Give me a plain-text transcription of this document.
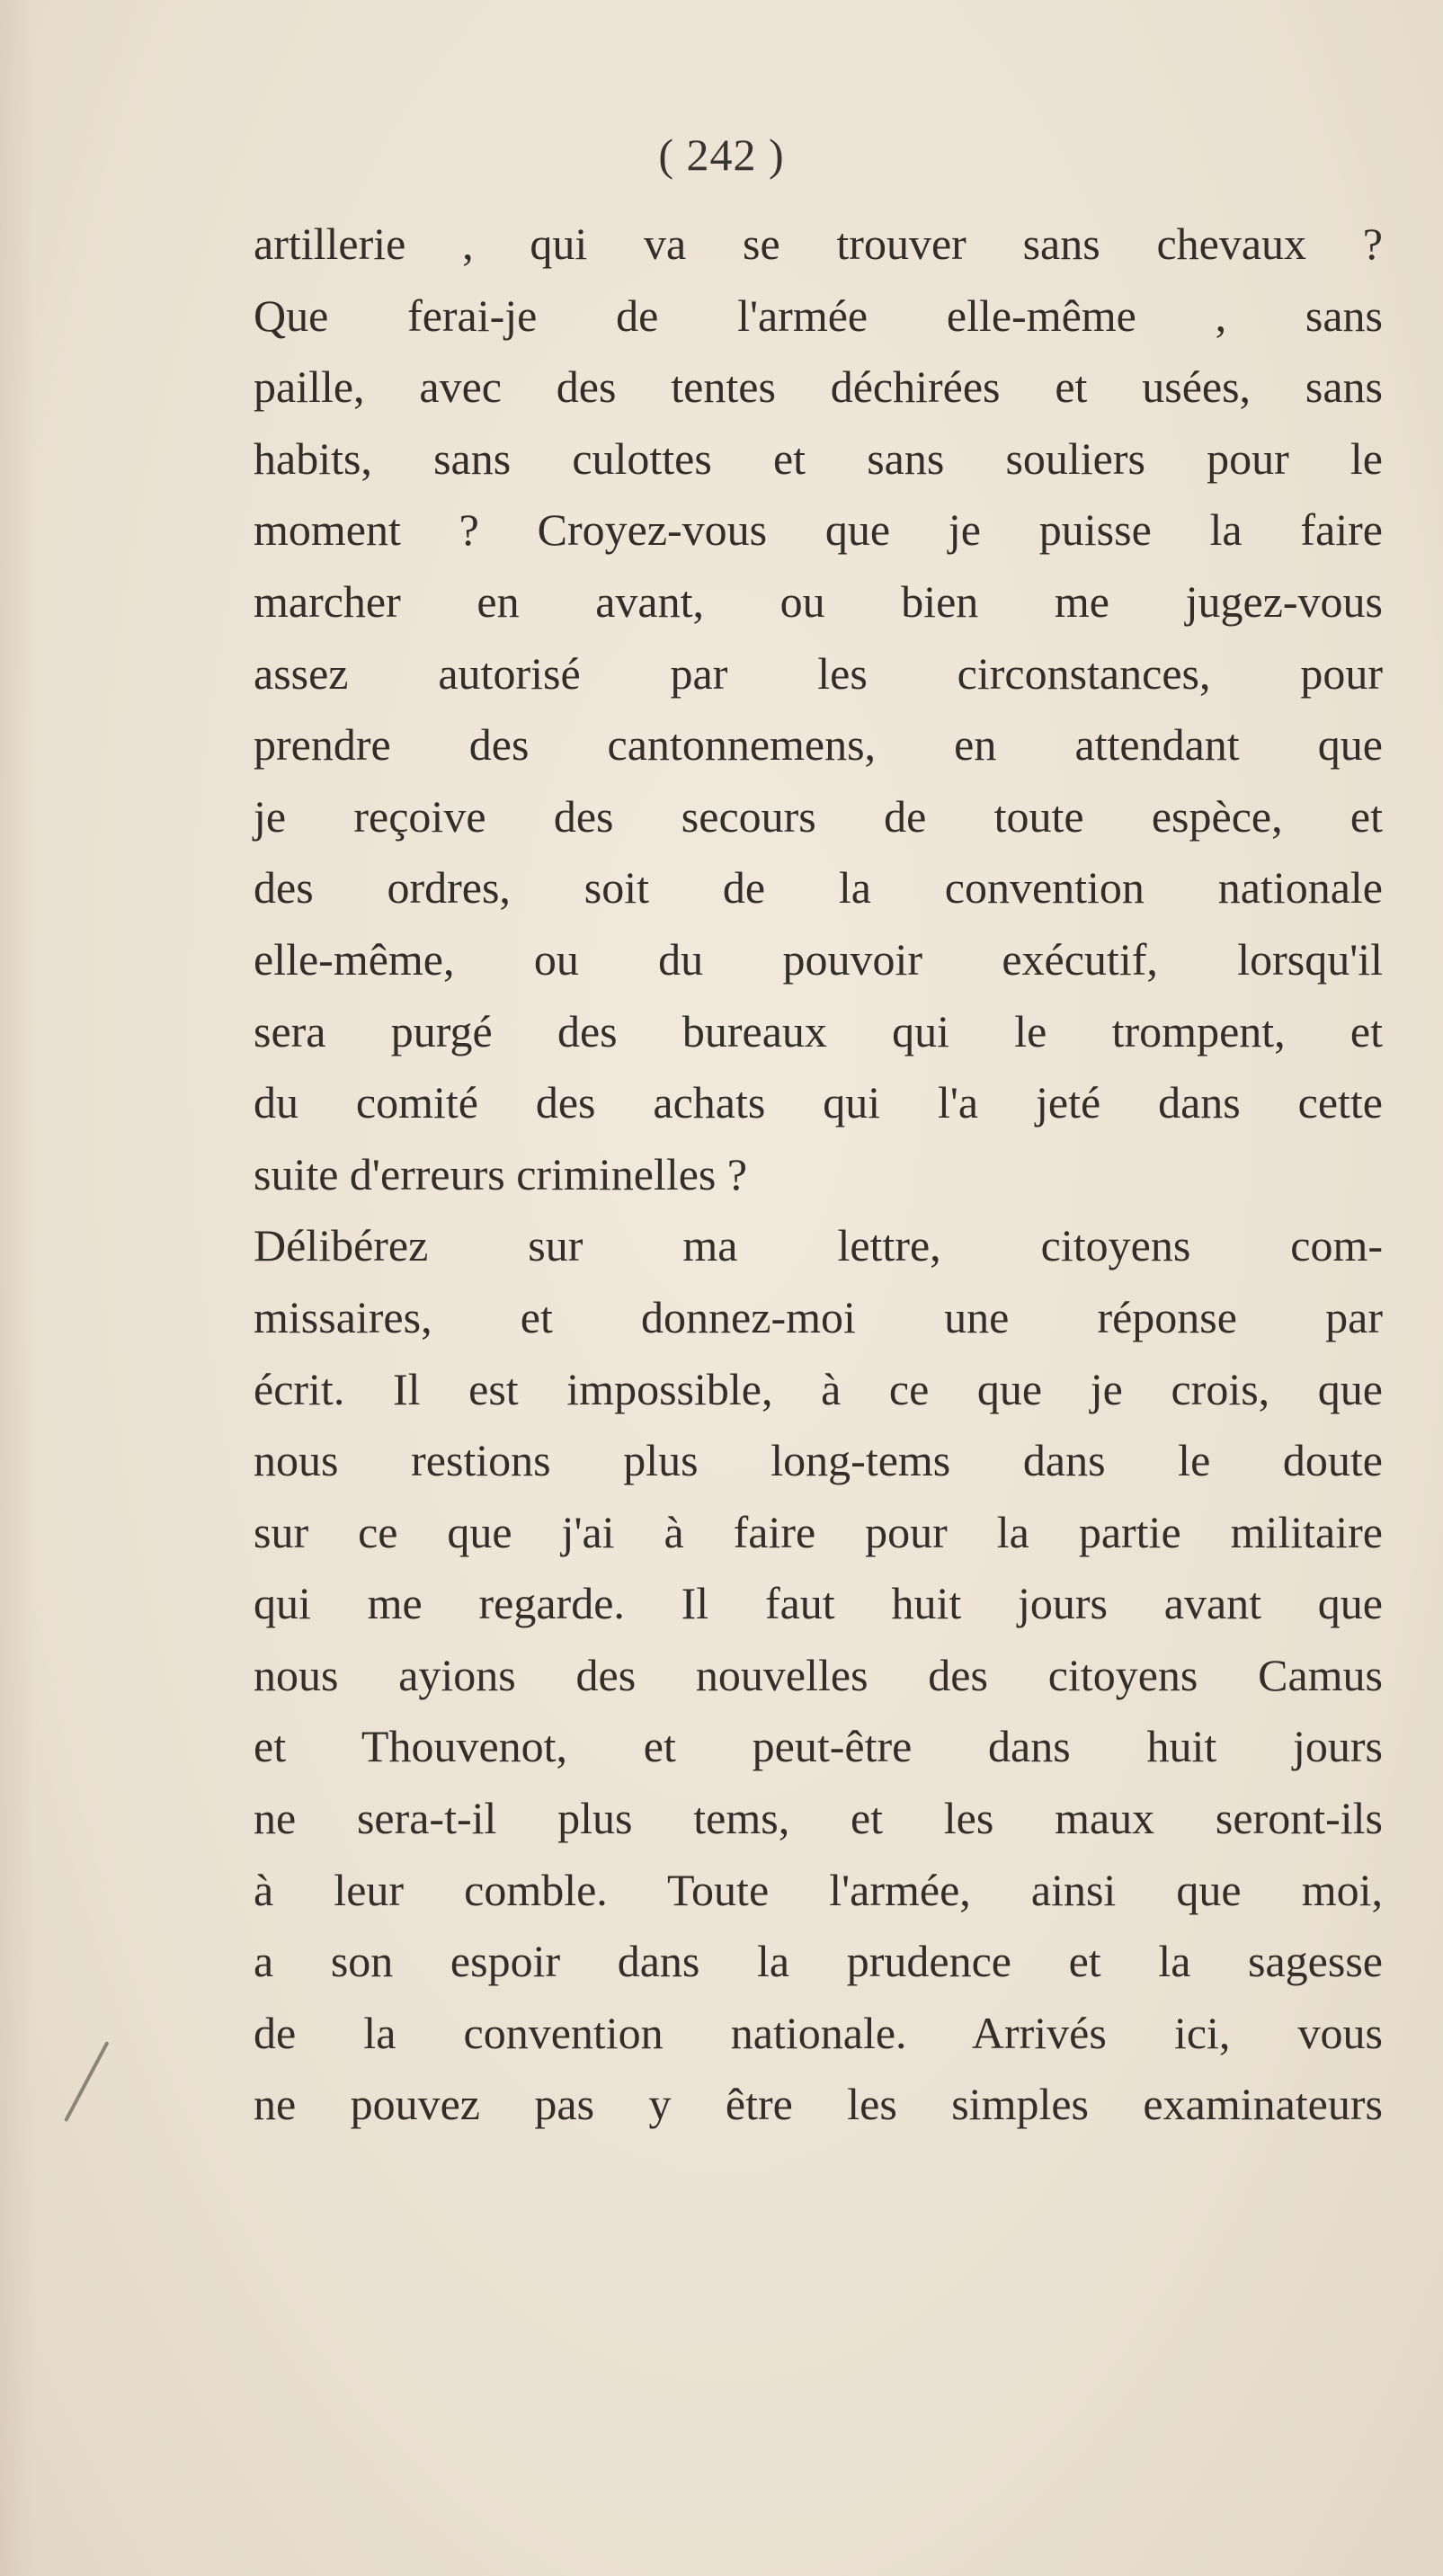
( 242 )
artillerie , qui va se trouver sans chevaux ?
Que ferai-je de l'armée elle-même , sans
paille, avec des tentes déchirées et usées, sans
habits, sans culottes et sans souliers pour le
moment ? Croyez-vous que je puisse la faire
marcher en avant, ou bien me jugez-vous
assez autorisé par les circonstances, pour
prendre des cantonnemens, en attendant que
je reçoive des secours de toute espèce, et
des ordres, soit de la convention nationale
elle-même, ou du pouvoir exécutif, lorsqu'il
sera purgé des bureaux qui le trompent, et
du comité des achats qui l'a jeté dans cette
suite d'erreurs criminelles ?
Délibérez sur ma lettre, citoyens com-
missaires, et donnez-moi une réponse par
écrit. Il est impossible, à ce que je crois, que
nous restions plus long-tems dans le doute
sur ce que j'ai à faire pour la partie militaire
qui me regarde. Il faut huit jours avant que
nous ayions des nouvelles des citoyens Camus
et Thouvenot, et peut-être dans huit jours
ne sera-t-il plus tems, et les maux seront-ils
à leur comble. Toute l'armée, ainsi que moi,
a son espoir dans la prudence et la sagesse
de la convention nationale. Arrivés ici, vous
ne pouvez pas y être les simples examinateurs
